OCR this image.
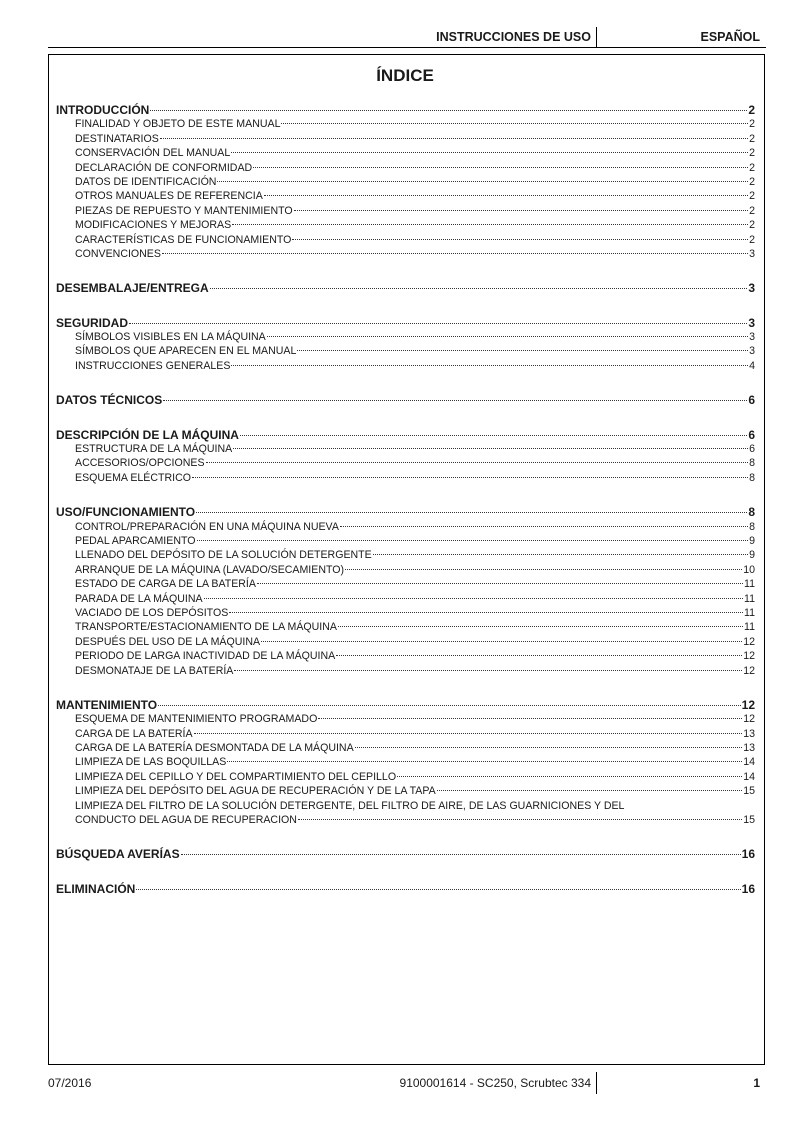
INSTRUCCIONES DE USO	ESPAÑOL
ÍNDICE
INTRODUCCIÓN	2
FINALIDAD Y OBJETO DE ESTE MANUAL	2
DESTINATARIOS	2
CONSERVACIÓN DEL MANUAL	2
DECLARACIÓN DE CONFORMIDAD	2
DATOS DE IDENTIFICACIÓN	2
OTROS MANUALES DE REFERENCIA	2
PIEZAS DE REPUESTO Y MANTENIMIENTO	2
MODIFICACIONES Y MEJORAS	2
CARACTERÍSTICAS DE FUNCIONAMIENTO	2
CONVENCIONES	3
DESEMBALAJE/ENTREGA	3
SEGURIDAD	3
SÍMBOLOS VISIBLES EN LA MÁQUINA	3
SÍMBOLOS QUE APARECEN EN EL MANUAL	3
INSTRUCCIONES GENERALES	4
DATOS TÉCNICOS	6
DESCRIPCIÓN DE LA MÁQUINA	6
ESTRUCTURA DE LA MÁQUINA	6
ACCESORIOS/OPCIONES	8
ESQUEMA ELÉCTRICO	8
USO/FUNCIONAMIENTO	8
CONTROL/PREPARACIÓN EN UNA MÁQUINA NUEVA	8
PEDAL APARCAMIENTO	9
LLENADO DEL DEPÓSITO DE LA SOLUCIÓN DETERGENTE	9
ARRANQUE DE LA MÁQUINA (LAVADO/SECAMIENTO)	10
ESTADO DE CARGA DE LA BATERÍA	11
PARADA DE LA MÁQUINA	11
VACIADO DE LOS DEPÓSITOS	11
TRANSPORTE/ESTACIONAMIENTO DE LA MÁQUINA	11
DESPUÉS DEL USO DE LA MÁQUINA	12
PERIODO DE LARGA INACTIVIDAD DE LA MÁQUINA	12
DESMONATAJE DE LA BATERÍA	12
MANTENIMIENTO	12
ESQUEMA DE MANTENIMIENTO PROGRAMADO	12
CARGA DE LA BATERÍA	13
CARGA DE LA BATERÍA DESMONTADA DE LA MÁQUINA	13
LIMPIEZA DE LAS BOQUILLAS	14
LIMPIEZA DEL CEPILLO Y DEL COMPARTIMIENTO DEL CEPILLO	14
LIMPIEZA DEL DEPÓSITO DEL AGUA DE RECUPERACIÓN Y DE LA TAPA	15
LIMPIEZA DEL FILTRO DE LA SOLUCIÓN DETERGENTE, DEL FILTRO DE AIRE, DE LAS GUARNICIONES Y DEL
CONDUCTO DEL AGUA DE RECUPERACION	15
BÚSQUEDA AVERÍAS	16
ELIMINACIÓN	16
07/2016	9100001614 - SC250, Scrubtec 334	1
